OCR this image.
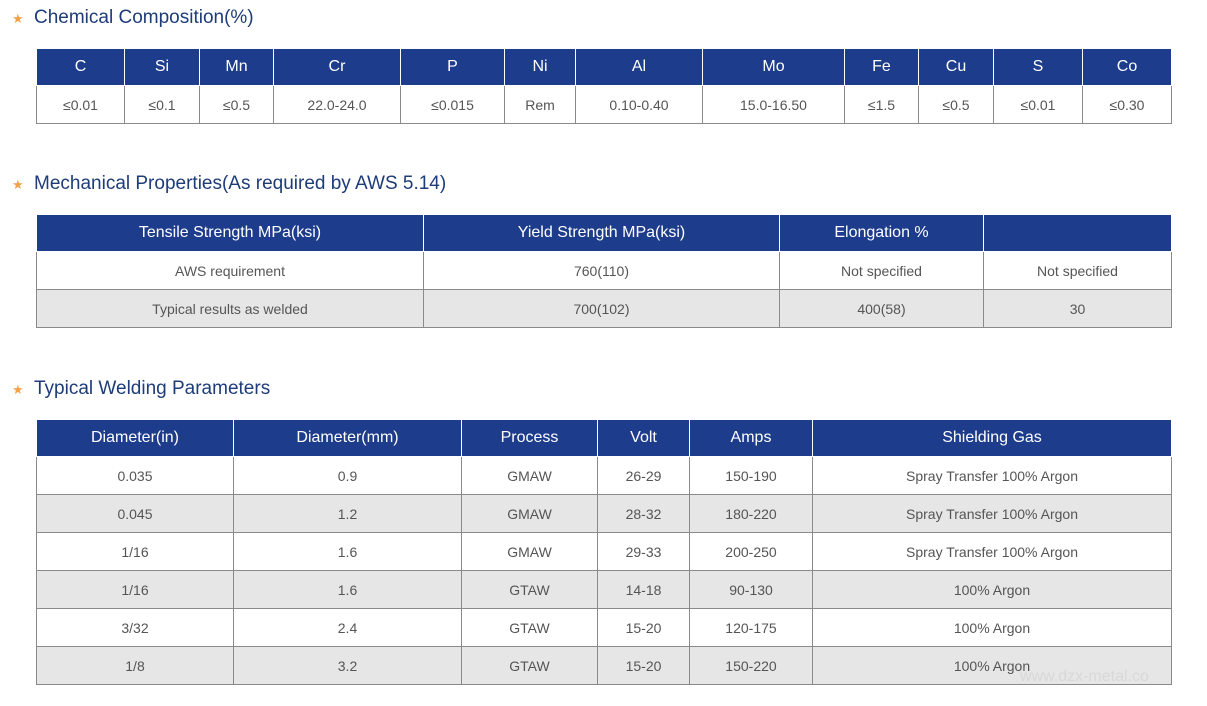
★ Chemical Composition(%)
C	Si	Mn	Cr	P	Ni	Al	Mo	Fe	Cu	S	Co
≤0.01	≤0.1	≤0.5	22.0-24.0	≤0.015	Rem	0.10-0.40	15.0-16.50	≤1.5	≤0.5	≤0.01	≤0.30
★ Mechanical Properties(As required by AWS 5.14)
Tensile Strength MPa(ksi)	Yield Strength MPa(ksi)	Elongation %	
AWS requirement	760(110)	Not specified	Not specified
Typical results as welded	700(102)	400(58)	30
★ Typical Welding Parameters
Diameter(in)	Diameter(mm)	Process	Volt	Amps	Shielding Gas
0.035	0.9	GMAW	26-29	150-190	Spray Transfer 100% Argon
0.045	1.2	GMAW	28-32	180-220	Spray Transfer 100% Argon
1/16	1.6	GMAW	29-33	200-250	Spray Transfer 100% Argon
1/16	1.6	GTAW	14-18	90-130	100% Argon
3/32	2.4	GTAW	15-20	120-175	100% Argon
1/8	3.2	GTAW	15-20	150-220	100% Argon
www.dzx-metal.co
